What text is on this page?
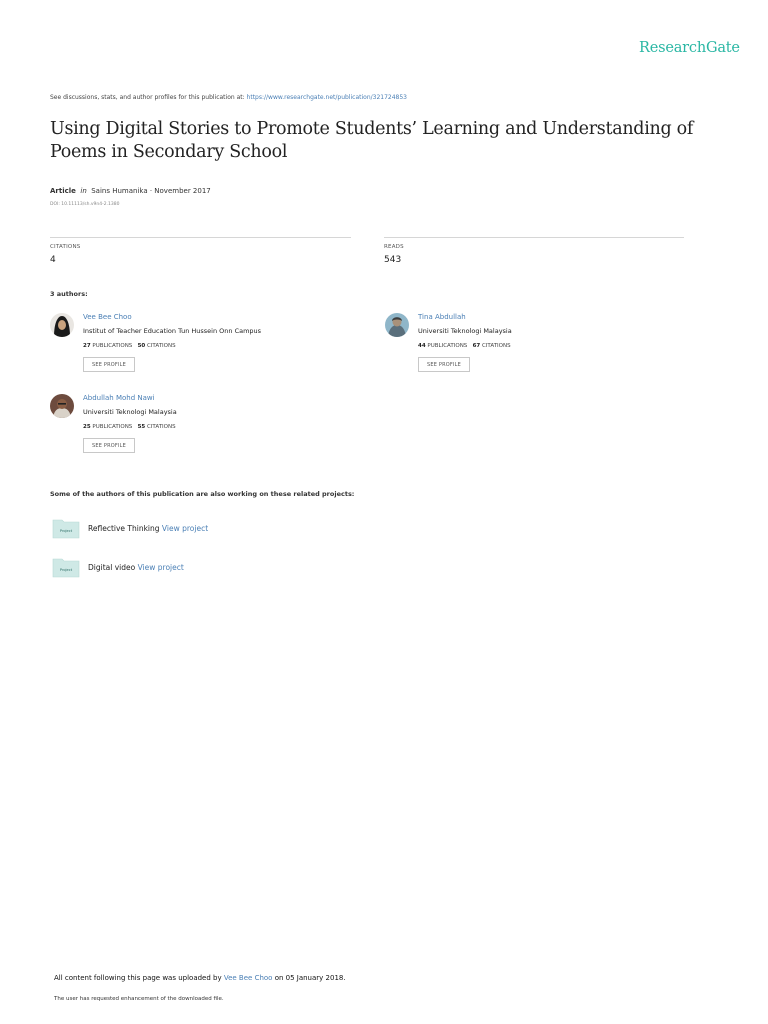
ResearchGate
See discussions, stats, and author profiles for this publication at: https://www.researchgate.net/publication/321724853
Using Digital Stories to Promote Students’ Learning and Understanding of Poems in Secondary School
Article in Sains Humanika · November 2017
DOI: 10.11113/sh.v9n4-2.1380
CITATIONS
4
READS
543
3 authors:
Vee Bee Choo
Institut of Teacher Education Tun Hussein Onn Campus
27 PUBLICATIONS 50 CITATIONS
SEE PROFILE
Tina Abdullah
Universiti Teknologi Malaysia
44 PUBLICATIONS 67 CITATIONS
SEE PROFILE
Abdullah Mohd Nawi
Universiti Teknologi Malaysia
25 PUBLICATIONS 55 CITATIONS
SEE PROFILE
Some of the authors of this publication are also working on these related projects:
Project Reflective Thinking View project
Project Digital video View project
All content following this page was uploaded by Vee Bee Choo on 05 January 2018.
The user has requested enhancement of the downloaded file.
